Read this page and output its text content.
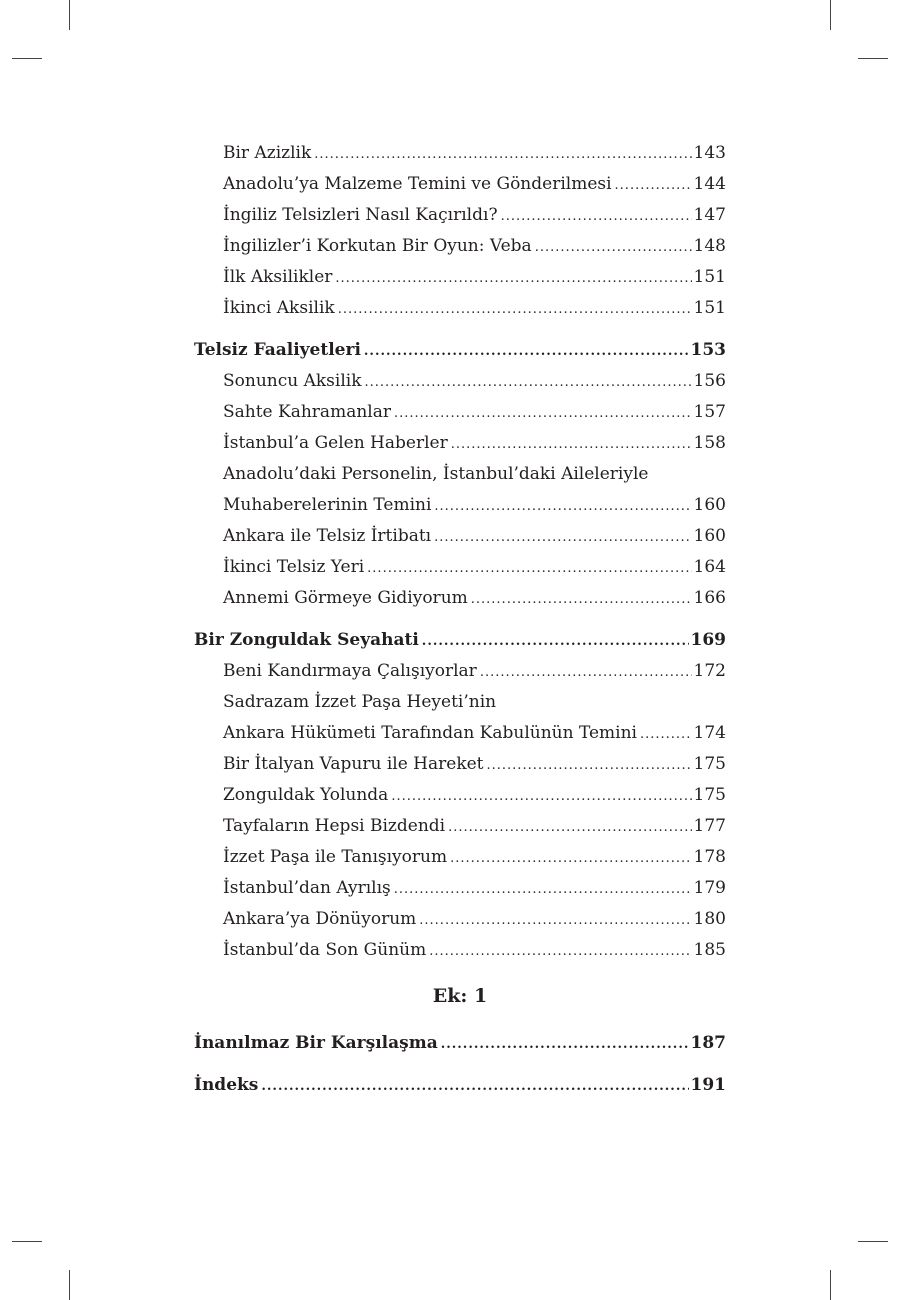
Bir Azizlik .....	143
Anadolu’ya Malzeme Temini ve Gönderilmesi .....	144
İngiliz Telsizleri Nasıl Kaçırıldı? .....	147
İngilizler’i Korkutan Bir Oyun: Veba .....	148
İlk Aksilikler .....	151
İkinci Aksilik .....	151
Telsiz Faaliyetleri .....	153
Sonuncu Aksilik .....	156
Sahte Kahramanlar .....	157
İstanbul’a Gelen Haberler .....	158
Anadolu’daki Personelin, İstanbul’daki Aileleriyle
Muhaberelerinin Temini .....	160
Ankara ile Telsiz İrtibatı .....	160
İkinci Telsiz Yeri .....	164
Annemi Görmeye Gidiyorum .....	166
Bir Zonguldak Seyahati .....	169
Beni Kandırmaya Çalışıyorlar .....	172
Sadrazam İzzet Paşa Heyeti’nin
Ankara Hükümeti Tarafından Kabulünün Temini .....	174
Bir İtalyan Vapuru ile Hareket .....	175
Zonguldak Yolunda .....	175
Tayfaların Hepsi Bizdendi .....	177
İzzet Paşa ile Tanışıyorum .....	178
İstanbul’dan Ayrılış .....	179
Ankara’ya Dönüyorum .....	180
İstanbul’da Son Günüm .....	185
Ek: 1
İnanılmaz Bir Karşılaşma .....	187
İndeks .....	191
